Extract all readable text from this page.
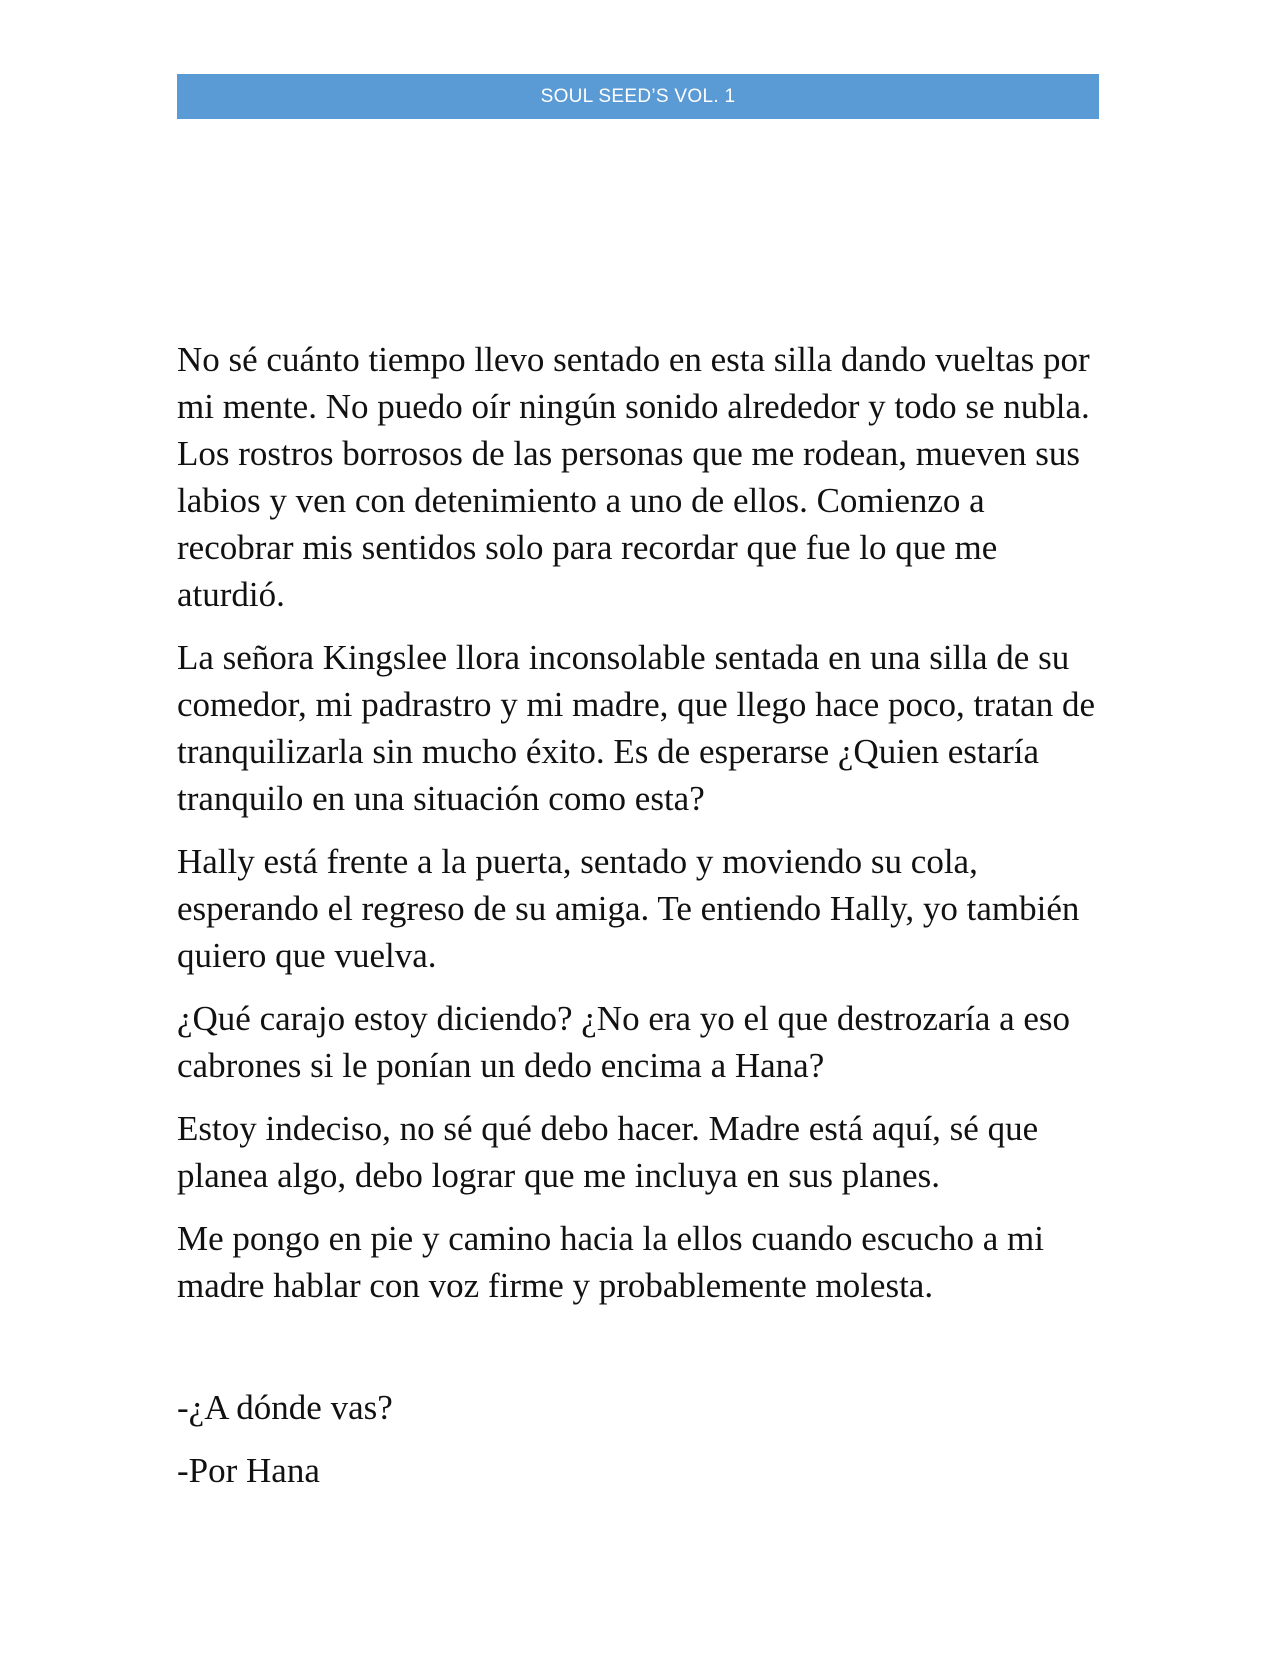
SOUL SEED’S VOL. 1

No sé cuánto tiempo llevo sentado en esta silla dando vueltas por mi mente. No puedo oír ningún sonido alrededor y todo se nubla. Los rostros borrosos de las personas que me rodean, mueven sus labios y ven con detenimiento a uno de ellos. Comienzo a recobrar mis sentidos solo para recordar que fue lo que me aturdió.

La señora Kingslee llora inconsolable sentada en una silla de su comedor, mi padrastro y mi madre, que llego hace poco, tratan de tranquilizarla sin mucho éxito. Es de esperarse ¿Quien estaría tranquilo en una situación como esta?

Hally está frente a la puerta, sentado y moviendo su cola, esperando el regreso de su amiga. Te entiendo Hally, yo también quiero que vuelva.

¿Qué carajo estoy diciendo? ¿No era yo el que destrozaría a eso cabrones si le ponían un dedo encima a Hana?

Estoy indeciso, no sé qué debo hacer. Madre está aquí, sé que planea algo, debo lograr que me incluya en sus planes.

Me pongo en pie y camino hacia la ellos cuando escucho a mi madre hablar con voz firme y probablemente molesta.

-¿A dónde vas?

-Por Hana
